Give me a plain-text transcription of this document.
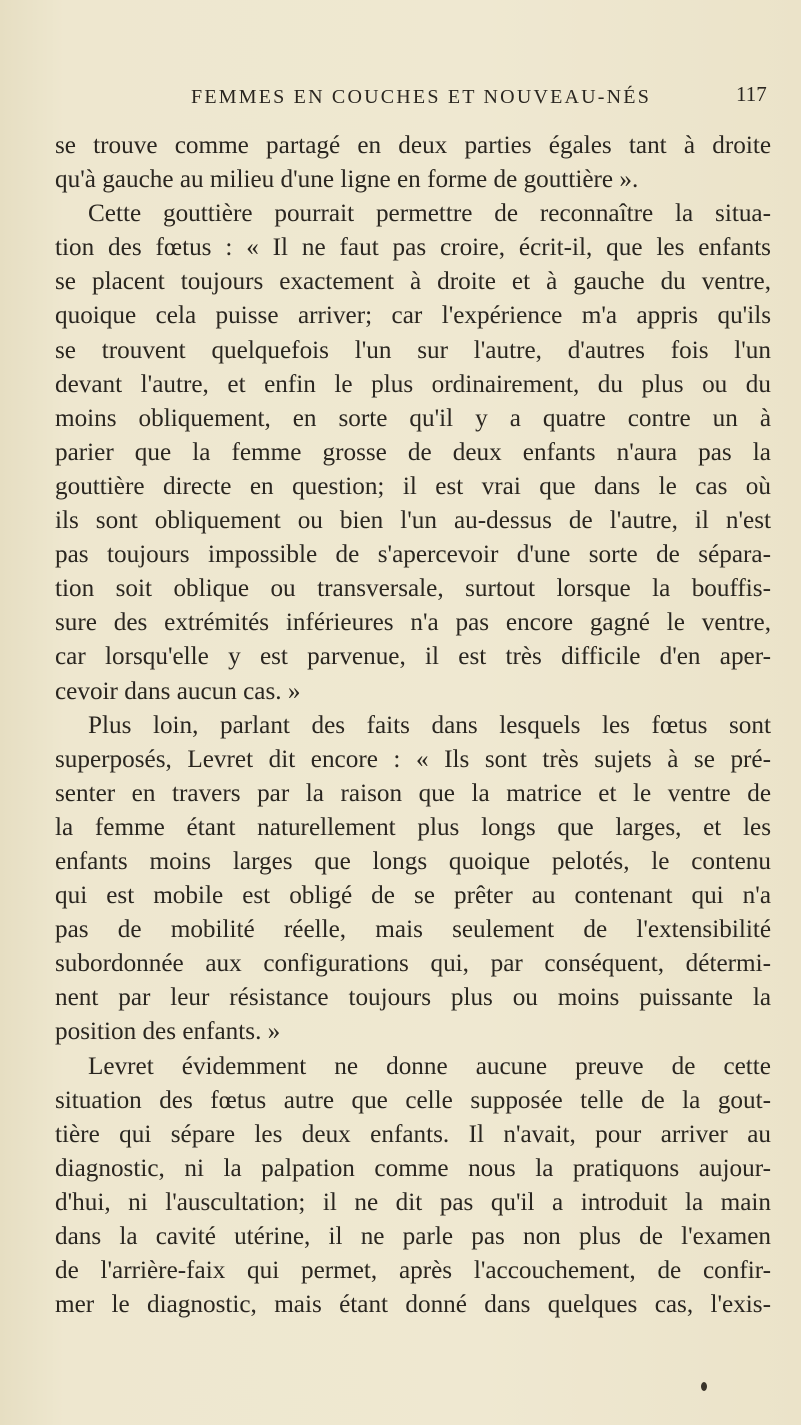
FEMMES EN COUCHES ET NOUVEAU-NÉS	117
se trouve comme partagé en deux parties égales tant à droite
qu'à gauche au milieu d'une ligne en forme de gouttière ».
Cette gouttière pourrait permettre de reconnaître la situa-
tion des fœtus : « Il ne faut pas croire, écrit-il, que les enfants
se placent toujours exactement à droite et à gauche du ventre,
quoique cela puisse arriver; car l'expérience m'a appris qu'ils
se trouvent quelquefois l'un sur l'autre, d'autres fois l'un
devant l'autre, et enfin le plus ordinairement, du plus ou du
moins obliquement, en sorte qu'il y a quatre contre un à
parier que la femme grosse de deux enfants n'aura pas la
gouttière directe en question; il est vrai que dans le cas où
ils sont obliquement ou bien l'un au-dessus de l'autre, il n'est
pas toujours impossible de s'apercevoir d'une sorte de sépara-
tion soit oblique ou transversale, surtout lorsque la bouffis-
sure des extrémités inférieures n'a pas encore gagné le ventre,
car lorsqu'elle y est parvenue, il est très difficile d'en aper-
cevoir dans aucun cas. »
Plus loin, parlant des faits dans lesquels les fœtus sont
superposés, Levret dit encore : « Ils sont très sujets à se pré-
senter en travers par la raison que la matrice et le ventre de
la femme étant naturellement plus longs que larges, et les
enfants moins larges que longs quoique pelotés, le contenu
qui est mobile est obligé de se prêter au contenant qui n'a
pas de mobilité réelle, mais seulement de l'extensibilité
subordonnée aux configurations qui, par conséquent, détermi-
nent par leur résistance toujours plus ou moins puissante la
position des enfants. »
Levret évidemment ne donne aucune preuve de cette
situation des fœtus autre que celle supposée telle de la gout-
tière qui sépare les deux enfants. Il n'avait, pour arriver au
diagnostic, ni la palpation comme nous la pratiquons aujour-
d'hui, ni l'auscultation; il ne dit pas qu'il a introduit la main
dans la cavité utérine, il ne parle pas non plus de l'examen
de l'arrière-faix qui permet, après l'accouchement, de confir-
mer le diagnostic, mais étant donné dans quelques cas, l'exis-
